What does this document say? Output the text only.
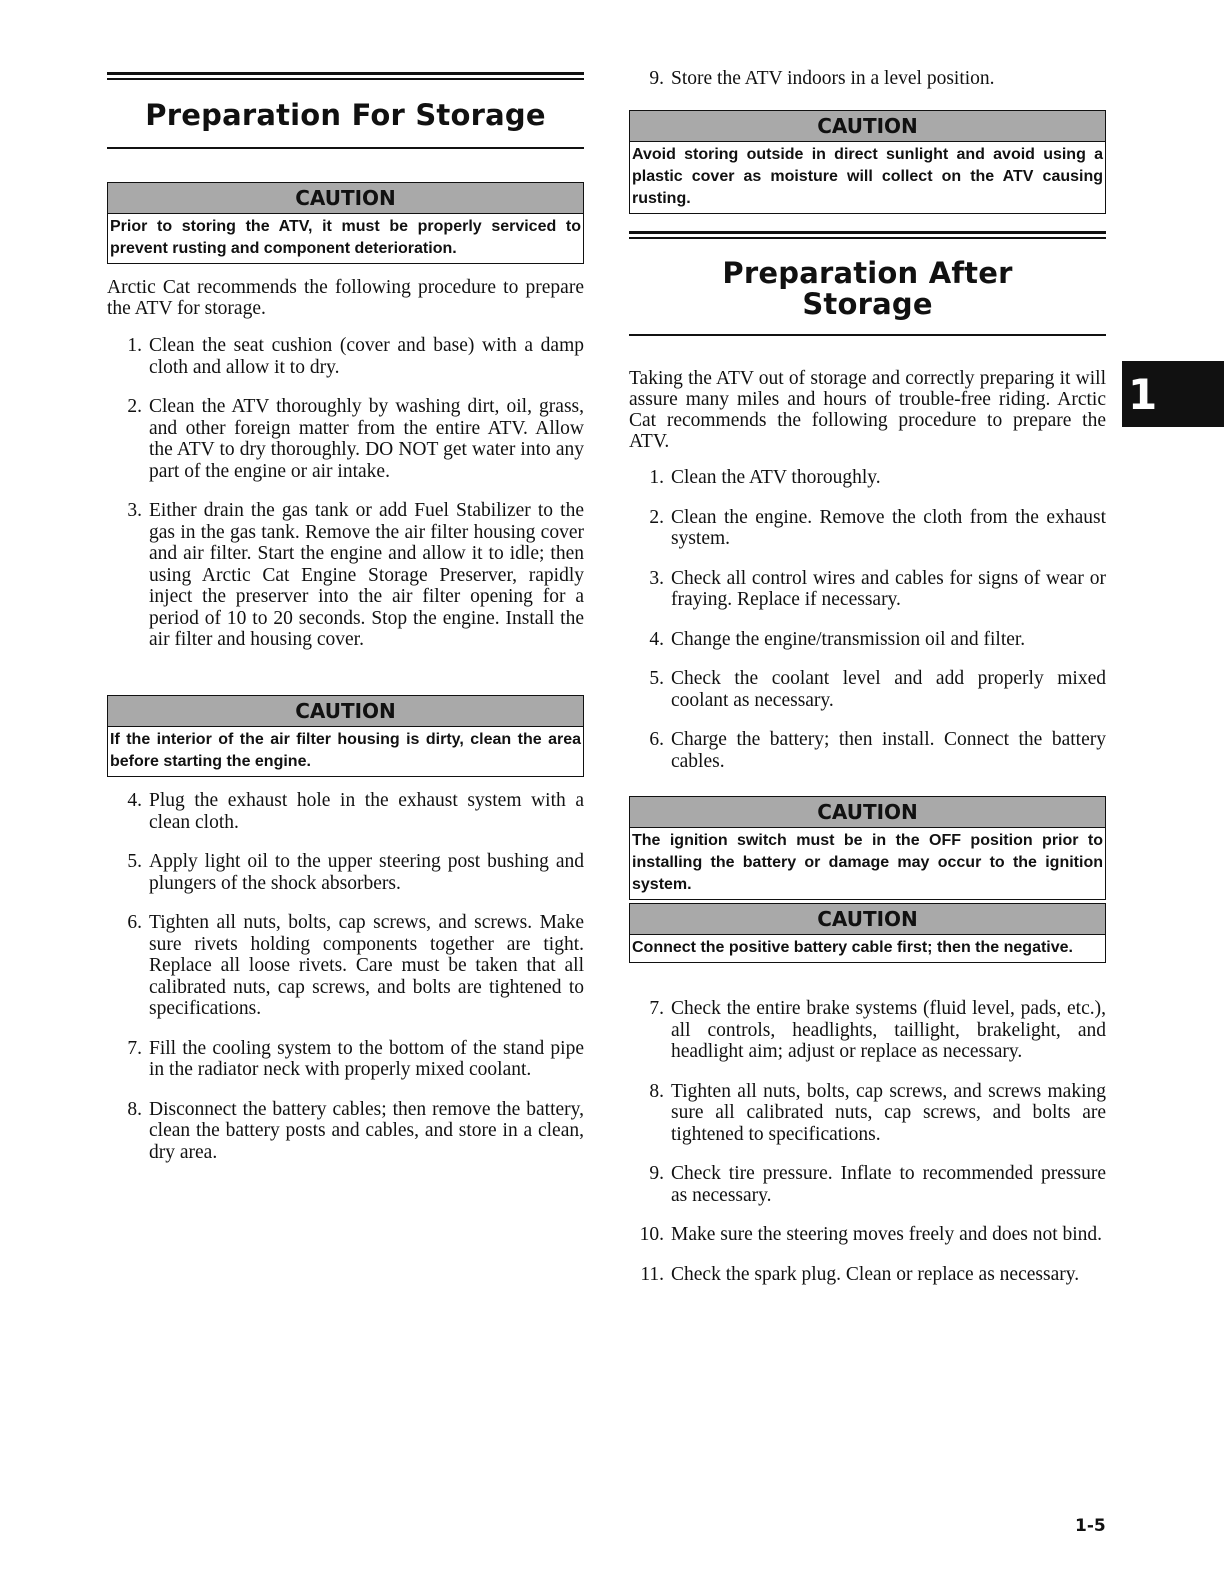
Preparation For Storage
CAUTION
Prior to storing the ATV, it must be properly serviced to prevent rusting and component deterioration.

Arctic Cat recommends the following procedure to prepare the ATV for storage.

1. Clean the seat cushion (cover and base) with a damp cloth and allow it to dry.
2. Clean the ATV thoroughly by washing dirt, oil, grass, and other foreign matter from the entire ATV. Allow the ATV to dry thoroughly. DO NOT get water into any part of the engine or air intake.
3. Either drain the gas tank or add Fuel Stabilizer to the gas in the gas tank. Remove the air filter housing cover and air filter. Start the engine and allow it to idle; then using Arctic Cat Engine Storage Preserver, rapidly inject the preserver into the air filter opening for a period of 10 to 20 seconds. Stop the engine. Install the air filter and housing cover.
CAUTION
If the interior of the air filter housing is dirty, clean the area before starting the engine.
4. Plug the exhaust hole in the exhaust system with a clean cloth.
5. Apply light oil to the upper steering post bushing and plungers of the shock absorbers.
6. Tighten all nuts, bolts, cap screws, and screws. Make sure rivets holding components together are tight. Replace all loose rivets. Care must be taken that all calibrated nuts, cap screws, and bolts are tightened to specifications.
7. Fill the cooling system to the bottom of the stand pipe in the radiator neck with properly mixed coolant.
8. Disconnect the battery cables; then remove the battery, clean the battery posts and cables, and store in a clean, dry area.
9. Store the ATV indoors in a level position.
CAUTION
Avoid storing outside in direct sunlight and avoid using a plastic cover as moisture will collect on the ATV causing rusting.
Preparation After
Storage

Taking the ATV out of storage and correctly preparing it will assure many miles and hours of trouble-free riding. Arctic Cat recommends the following procedure to prepare the ATV.

1. Clean the ATV thoroughly.
2. Clean the engine. Remove the cloth from the exhaust system.
3. Check all control wires and cables for signs of wear or fraying. Replace if necessary.
4. Change the engine/transmission oil and filter.
5. Check the coolant level and add properly mixed coolant as necessary.
6. Charge the battery; then install. Connect the battery cables.
CAUTION
The ignition switch must be in the OFF position prior to installing the battery or damage may occur to the ignition system.
CAUTION
Connect the positive battery cable first; then the negative.
7. Check the entire brake systems (fluid level, pads, etc.), all controls, headlights, taillight, brakelight, and headlight aim; adjust or replace as necessary.
8. Tighten all nuts, bolts, cap screws, and screws making sure all calibrated nuts, cap screws, and bolts are tightened to specifications.
9. Check tire pressure. Inflate to recommended pressure as necessary.
10. Make sure the steering moves freely and does not bind.
11. Check the spark plug. Clean or replace as necessary.
1
1-5
